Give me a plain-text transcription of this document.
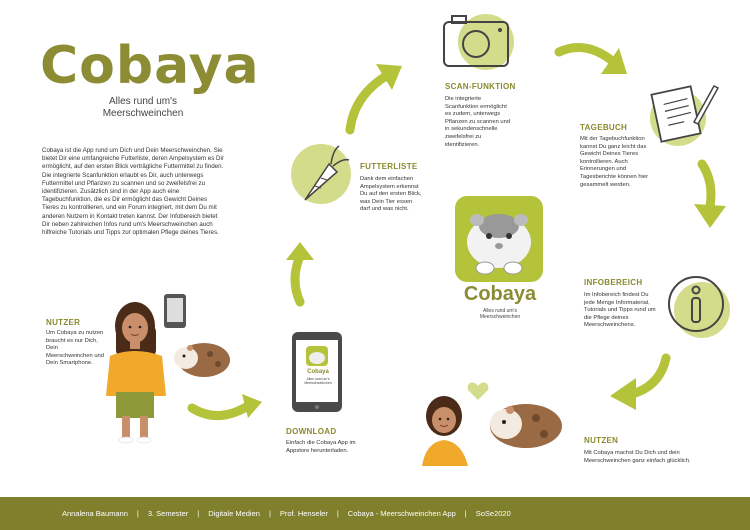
Cobaya
Alles rund um's Meerschweinchen
Cobaya ist die App rund um Dich und Dein Meerschweinchen. Sie bietet Dir eine umfangreiche Futterliste, deren Ampelsystem es Dir ermöglicht, auf den ersten Blick verträgliche Futtermittel zu finden. Die integrierte Scanfunktion erlaubt es Dir, auch unterwegs Futtermittel und Pflanzen zu scannen und so zweifelsfrei zu identifizieren. Zusätzlich sind in der App auch eine Tagebuchfunktion, die es Dir ermöglicht das Gewicht Deines Tieres zu kontrollieren, und ein Forum integriert, mit dem Du mit anderen Nutzern in Kontakt treten kannst. Der Infobereich bietet Dir neben zahlreichen Infos rund um's Meerschweinchen auch hilfreiche Tutorials und Tipps zur optimalen Pflege deines Tieres.
NUTZER
Um Cobaya zu nutzen braucht es nur Dich, Dein Meerschweinchen und Dein Smartphone.
Cobaya
Alles rund um's Meerschweinchen
DOWNLOAD
Einfach die Cobaya App im Appstore herunterladen.
FUTTERLISTE
Dank dem einfachen Ampelsystem erkennst Du auf den ersten Blick, was Dein Tier essen darf und was nicht.
SCAN-FUNKTION
Die integrierte Scanfunktion ermöglicht es zudem, unterwegs Pflanzen zu scannen und in sekundenschnelle zweifelsfrei zu identifizieren.
TAGEBUCH
Mit der Tagebuchfunktion kannst Du ganz leicht das Gewicht Deines Tieres kontrollieren. Auch Erinnerungen und Tagesberichte können hier gesammelt werden.
INFOBEREICH
Im Infobereich findest Du jede Menge Informaterial, Tutorials und Tipps rund um die Pflege deines Meerschweinchens.
NUTZEN
Mit Cobaya machst Du Dich und dein Meerschweinchen ganz einfach glücklich.
Cobaya
Alles rund um's Meerschweinchen
Annalena Baumann | 3. Semester | Digitale Medien | Prof. Henseler | Cobaya - Meerschweinchen App | SoSe2020
